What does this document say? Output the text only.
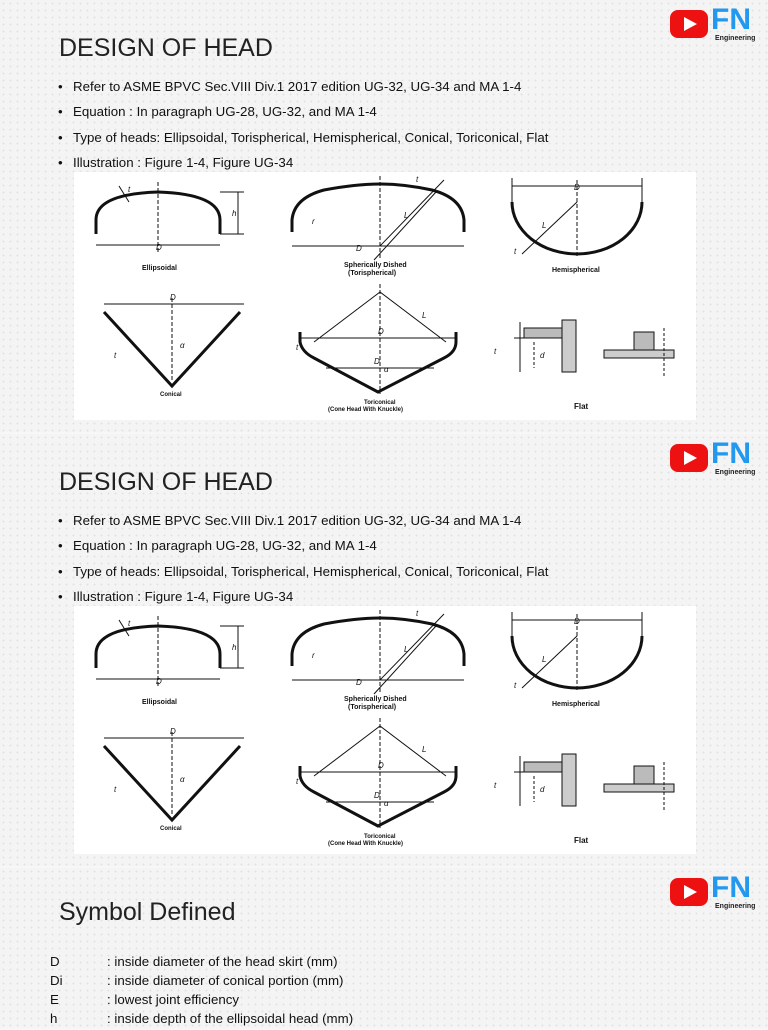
FN
Engineering
DESIGN OF HEAD
• Refer to ASME BPVC Sec.VIII Div.1 2017 edition UG-32, UG-34 and MA 1-4
• Equation : In paragraph UG-28, UG-32, and MA 1-4
• Type of heads: Ellipsoidal, Torispherical, Hemispherical, Conical, Toriconical, Flat
• Illustration : Figure 1-4, Figure UG-34
t
h
D
Ellipsoidal
t
L
r
D
Spherically Dished
(Torispherical)
D
L
t
Hemispherical
D
α
t
Conical
L
D
D
α
t
Toriconical
(Cone Head With Knuckle)
t	d
Flat
FN
Engineering
DESIGN OF HEAD
• Refer to ASME BPVC Sec.VIII Div.1 2017 edition UG-32, UG-34 and MA 1-4
• Equation : In paragraph UG-28, UG-32, and MA 1-4
• Type of heads: Ellipsoidal, Torispherical, Hemispherical, Conical, Toriconical, Flat
• Illustration : Figure 1-4, Figure UG-34
t
h
D
Ellipsoidal
t
L
r
D
Spherically Dished
(Torispherical)
D
L
t
Hemispherical
D
α
t
Conical
L
D
D
α
t
Toriconical
(Cone Head With Knuckle)
t	d
Flat
FN
Engineering
Symbol Defined
D	: inside diameter of the head skirt (mm)
Di	: inside diameter of conical portion (mm)
E	: lowest joint efficiency
h	: inside depth of the ellipsoidal head (mm)
